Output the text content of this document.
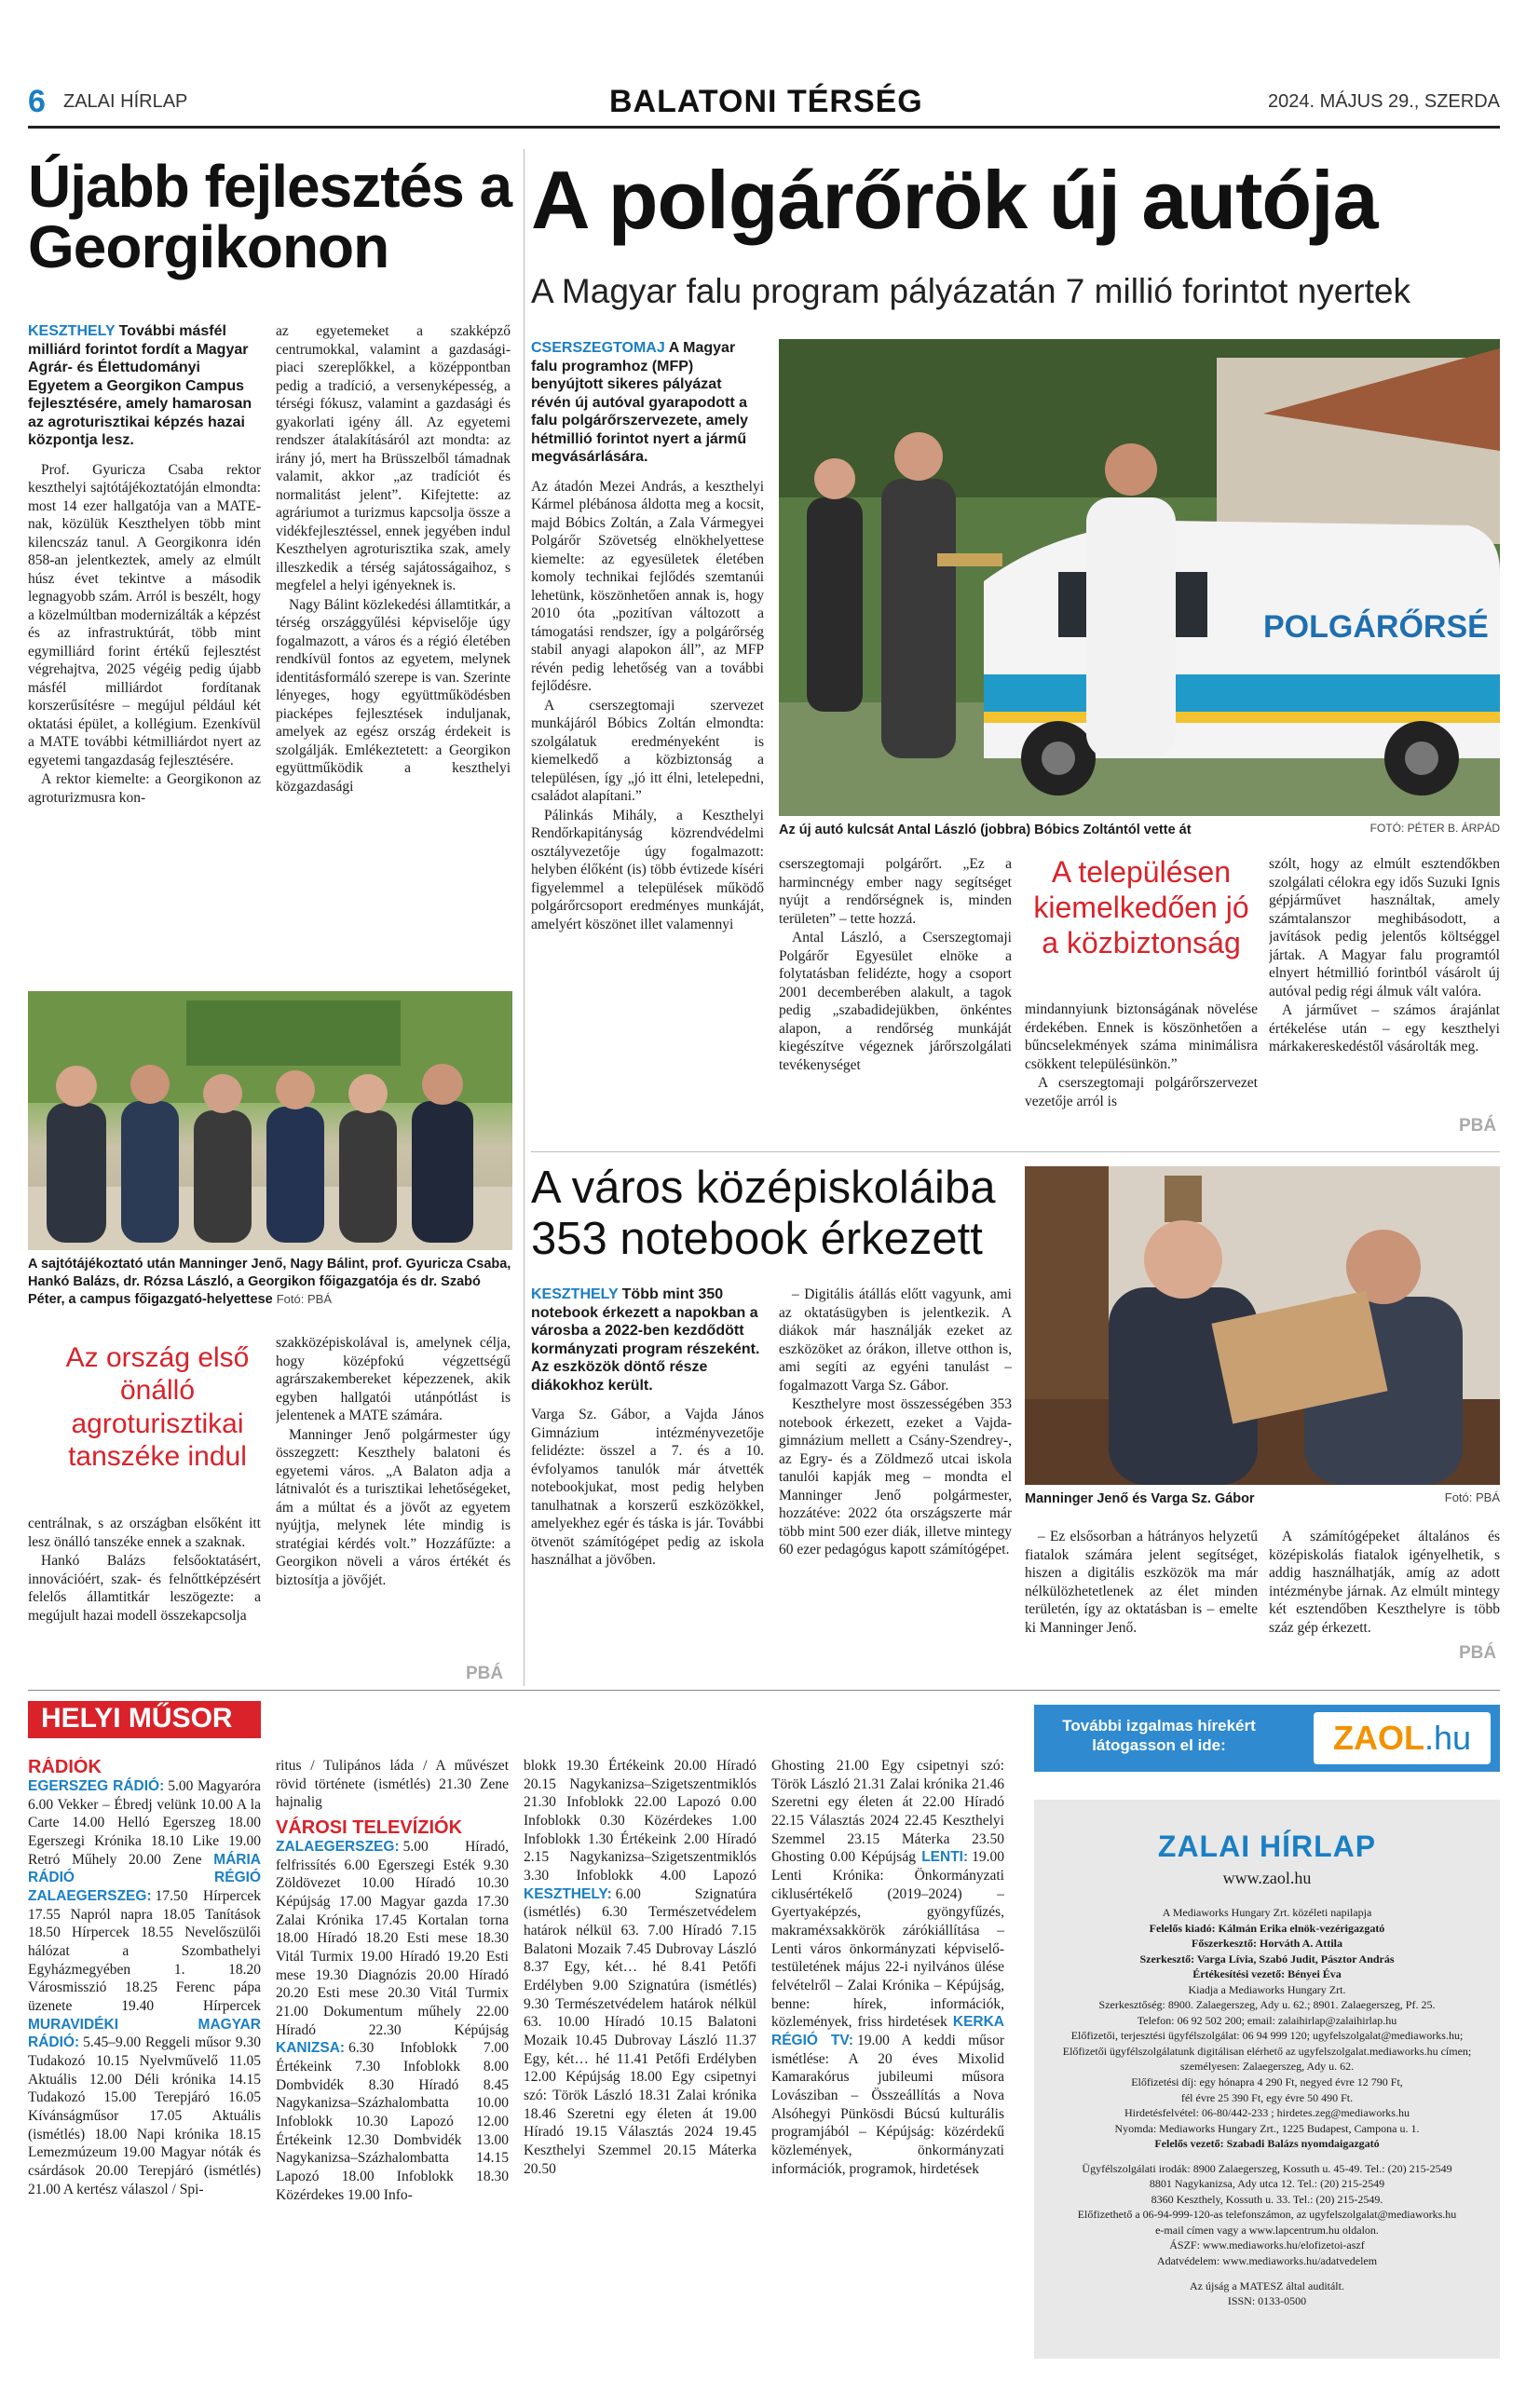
6 ZALAI HÍRLAP	BALATONI TÉRSÉG	2024. MÁJUS 29., SZERDA
Újabb fejlesztés a Georgikonon
KESZTHELY További másfél milliárd forintot fordít a Magyar Agrár- és Élettudományi Egyetem a Georgikon Campus fejlesztésére, amely hamarosan az agroturisztikai képzés hazai központja lesz.

Prof. Gyuricza Csaba rektor keszthelyi sajtótájékoztatóján elmondta: most 14 ezer hallgatója van a MATE-nak, közülük Keszthelyen több mint kilencszáz tanul. A Georgikonra idén 858-an jelentkeztek, amely az elmúlt húsz évet tekintve a második legnagyobb szám. Arról is beszélt, hogy a közelmúltban modernizálták a képzést és az infrastruktúrát, több mint egymilliárd forint értékű fejlesztést végrehajtva, 2025 végéig pedig újabb másfél milliárdot fordítanak korszerűsítésre – megújul például két oktatási épület, a kollégium. Ezenkívül a MATE további kétmilliárdot nyert az egyetemi tangazdaság fejlesztésére.

A rektor kiemelte: a Georgikonon az agroturizmusra kon-

az egyetemeket a szakképző centrumokkal, valamint a gazdasági-piaci szereplőkkel, a középpontban pedig a tradíció, a versenyképesség, a térségi fókusz, valamint a gazdasági és gyakorlati igény áll. Az egyetemi rendszer átalakításáról azt mondta: az irány jó, mert ha Brüsszelből támadnak valamit, akkor „az tradíciót és normalitást jelent”. Kifejtette: az agráriumot a turizmus kapcsolja össze a vidékfejlesztéssel, ennek jegyében indul Keszthelyen agroturisztika szak, amely illeszkedik a térség sajátosságaihoz, s megfelel a helyi igényeknek is.

Nagy Bálint közlekedési államtitkár, a térség országgyűlési képviselője úgy fogalmazott, a város és a régió életében rendkívül fontos az egyetem, melynek identitásformáló szerepe is van. Szerinte lényeges, hogy együttműködésben piacképes fejlesztések induljanak, amelyek az egész ország érdekeit is szolgálják. Emlékeztetett: a Georgikon együttműködik a keszthelyi közgazdasági

A sajtótájékoztató után Manninger Jenő, Nagy Bálint, prof. Gyuricza Csaba, Hankó Balázs, dr. Rózsa László, a Georgikon főigazgatója és dr. Szabó Péter, a campus főigazgató-helyettese Fotó: PBÁ
Az ország első önálló agroturisztikai tanszéke indul

centrálnak, s az országban elsőként itt lesz önálló tanszéke ennek a szaknak.

Hankó Balázs felsőoktatásért, innovációért, szak- és felnőttképzésért felelős államtitkár leszögezte: a megújult hazai modell összekapcsolja

szakközépiskolával is, amelynek célja, hogy középfokú végzettségű agrárszakembereket képezzenek, akik egyben hallgatói utánpótlást is jelentenek a MATE számára.

Manninger Jenő polgármester úgy összegzett: Keszthely balatoni és egyetemi város. „A Balaton adja a látnivalót és a turisztikai lehetőségeket, ám a múltat és a jövőt az egyetem nyújtja, melynek léte mindig is stratégiai kérdés volt.” Hozzáfűzte: a Georgikon növeli a város értékét és biztosítja a jövőjét.

PBÁ
A polgárőrök új autója
A Magyar falu program pályázatán 7 millió forintot nyertek
CSERSZEGTOMAJ A Magyar falu programhoz (MFP) benyújtott sikeres pályázat révén új autóval gyarapodott a falu polgárőrszervezete, amely hétmillió forintot nyert a jármű megvásárlására.

Az átadón Mezei András, a keszthelyi Kármel plébánosa áldotta meg a kocsit, majd Bóbics Zoltán, a Zala Vármegyei Polgárőr Szövetség elnökhelyettese kiemelte: az egyesületek életében komoly technikai fejlődés szemtanúi lehetünk, köszönhetően annak is, hogy 2010 óta „pozitívan változott a támogatási rendszer, így a polgárőrség stabil anyagi alapokon áll”, az MFP révén pedig lehetőség van a további fejlődésre.

A cserszegtomaji szervezet munkájáról Bóbics Zoltán elmondta: szolgálatuk eredményeként is kiemelkedő a közbiztonság a településen, így „jó itt élni, letelepedni, családot alapítani.”

Pálinkás Mihály, a Keszthelyi Rendőrkapitányság közrendvédelmi osztályvezetője úgy fogalmazott: helyben élőként (is) több évtizede kíséri figyelemmel a települések működő polgárőrcsoport eredményes munkáját, amelyért köszönet illet valamennyi

POLGÁRŐRSÉ
Az új autó kulcsát Antal László (jobbra) Bóbics Zoltántól vette át	FOTÓ: PÉTER B. ÁRPÁD

cserszegtomaji polgárőrt. „Ez a harmincnégy ember nagy segítséget nyújt a rendőrségnek is, minden területen” – tette hozzá.

Antal László, a Cserszegtomaji Polgárőr Egyesület elnöke a folytatásban felidézte, hogy a csoport 2001 decemberében alakult, a tagok pedig „szabadidejükben, önkéntes alapon, a rendőrség munkáját kiegészítve végeznek járőrszolgálati tevékenységet

A településen kiemelkedően jó a közbiztonság

mindannyiunk biztonságának növelése érdekében. Ennek is köszönhetően a bűncselekmények száma minimálisra csökkent településünkön.”

A cserszegtomaji polgárőrszervezet vezetője arról is

szólt, hogy az elmúlt esztendőkben szolgálati célokra egy idős Suzuki Ignis gépjárművet használtak, amely számtalanszor meghibásodott, a javítások pedig jelentős költséggel jártak. A Magyar falu programtól elnyert hétmillió forintból vásárolt új autóval pedig régi álmuk vált valóra.

A járművet – számos árajánlat értékelése után – egy keszthelyi márkakereskedéstől vásárolták meg.

PBÁ
A város középiskoláiba 353 notebook érkezett
KESZTHELY Több mint 350 notebook érkezett a napokban a városba a 2022-ben kezdődött kormányzati program részeként. Az eszközök döntő része diákokhoz került.

Varga Sz. Gábor, a Vajda János Gimnázium intézményvezetője felidézte: összel a 7. és a 10. évfolyamos tanulók már átvették notebookjukat, most pedig helyben tanulhatnak a korszerű eszközökkel, amelyekhez egér és táska is jár. További ötvenöt számítógépet pedig az iskola használhat a jövőben.

– Digitális átállás előtt vagyunk, ami az oktatásügyben is jelentkezik. A diákok már használják ezeket az eszközöket az órákon, illetve otthon is, ami segíti az egyéni tanulást – fogalmazott Varga Sz. Gábor.

Keszthelyre most összességében 353 notebook érkezett, ezeket a Vajda-gimnázium mellett a Csány-Szendrey-, az Egry- és a Zöldmező utcai iskola tanulói kapják meg – mondta el Manninger Jenő polgármester, hozzátéve: 2022 óta országszerte már több mint 500 ezer diák, illetve mintegy 60 ezer pedagógus kapott számítógépet.

Manninger Jenő és Varga Sz. Gábor	Fotó: PBÁ

– Ez elsősorban a hátrányos helyzetű fiatalok számára jelent segítséget, hiszen a digitális eszközök ma már nélkülözhetetlenek az élet minden területén, így az oktatásban is – emelte ki Manninger Jenő.

A számítógépeket általános és középiskolás fiatalok igényelhetik, s addig használhatják, amíg az adott intézménybe járnak. Az elmúlt mintegy két esztendőben Keszthelyre is több száz gép érkezett.

PBÁ
HELYI MŰSOR
RÁDIÓK
EGERSZEG RÁDIÓ: 5.00 Magyaróra 6.00 Vekker – Ébredj velünk 10.00 A la Carte 14.00 Helló Egerszeg 18.00 Egerszegi Krónika 18.10 Like 19.00 Retró Műhely 20.00 Zene MÁRIA RÁDIÓ RÉGIÓ ZALAEGERSZEG: 17.50 Hírpercek 17.55 Napról napra 18.05 Tanítások 18.50 Hírpercek 18.55 Nevelőszülői hálózat a Szombathelyi Egyházmegyében 1. 18.20 Városmisszió 18.25 Ferenc pápa üzenete 19.40 Hírpercek MURAVIDÉKI MAGYAR RÁDIÓ: 5.45–9.00 Reggeli műsor 9.30 Tudakozó 10.15 Nyelvművelő 11.05 Aktuális 12.00 Déli krónika 14.15 Tudakozó 15.00 Terepjáró 16.05 Kívánságműsor 17.05 Aktuális (ismétlés) 18.00 Napi krónika 18.15 Lemezmúzeum 19.00 Magyar nóták és csárdások 20.00 Terepjáró (ismétlés) 21.00 A kertész válaszol / Spi-
ritus / Tulipános láda / A művészet rövid története (ismétlés) 21.30 Zene hajnalig
VÁROSI TELEVÍZIÓK
ZALAEGERSZEG: 5.00 Híradó, felfrissítés 6.00 Egerszegi Esték 9.30 Zöldövezet 10.00 Híradó 10.30 Képújság 17.00 Magyar gazda 17.30 Zalai Krónika 17.45 Kortalan torna 18.00 Híradó 18.20 Esti mese 18.30 Vitál Turmix 19.00 Híradó 19.20 Esti mese 19.30 Diagnózis 20.00 Híradó 20.20 Esti mese 20.30 Vitál Turmix 21.00 Dokumentum műhely 22.00 Híradó 22.30 Képújság KANIZSA: 6.30 Infoblokk 7.00 Értékeink 7.30 Infoblokk 8.00 Dombvidék 8.30 Híradó 8.45 Nagykanizsa–Százhalombatta 10.00 Infoblokk 10.30 Lapozó 12.00 Értékeink 12.30 Dombvidék 13.00 Nagykanizsa–Százhalombatta 14.15 Lapozó 18.00 Infoblokk 18.30 Közérdekes 19.00 Info-
blokk 19.30 Értékeink 20.00 Híradó 20.15 Nagykanizsa–Szigetszentmiklós 21.30 Infoblokk 22.00 Lapozó 0.00 Infoblokk 0.30 Közérdekes 1.00 Infoblokk 1.30 Értékeink 2.00 Híradó 2.15 Nagykanizsa–Szigetszentmiklós 3.30 Infoblokk 4.00 Lapozó KESZTHELY: 6.00 Szignatúra (ismétlés) 6.30 Természetvédelem határok nélkül 63. 7.00 Híradó 7.15 Balatoni Mozaik 7.45 Dubrovay László 8.37 Egy, két… hé 8.41 Petőfi Erdélyben 9.00 Szignatúra (ismétlés) 9.30 Természetvédelem határok nélkül 63. 10.00 Híradó 10.15 Balatoni Mozaik 10.45 Dubrovay László 11.37 Egy, két… hé 11.41 Petőfi Erdélyben 12.00 Képújság 18.00 Egy csipetnyi szó: Török László 18.31 Zalai krónika 18.46 Szeretni egy életen át 19.00 Híradó 19.15 Választás 2024 19.45 Keszthelyi Szemmel 20.15 Máterka 20.50
Ghosting 21.00 Egy csipetnyi szó: Török László 21.31 Zalai krónika 21.46 Szeretni egy életen át 22.00 Híradó 22.15 Választás 2024 22.45 Keszthelyi Szemmel 23.15 Máterka 23.50 Ghosting 0.00 Képújság LENTI: 19.00 Lenti Krónika: Önkormányzati ciklusértékelő (2019–2024) – Gyertyaképzés, gyöngyfűzés, makraméxsakkörök zárókiállítása – Lenti város önkormányzati képviselő-testületének május 22-i nyilvános ülése felvételről – Zalai Krónika – Képújság, benne: hírek, információk, közlemények, friss hirdetések KERKA RÉGIÓ TV: 19.00 A keddi műsor ismétlése: A 20 éves Mixolid Kamarakórus jubileumi műsora Lovásziban – Összeállítás a Nova Alsóhegyi Pünkösdi Búcsú kulturális programjából – Képújság: közérdekű közlemények, önkormányzati információk, programok, hirdetések
További izgalmas hírekért
látogasson el ide:	ZAOL.hu
ZALAI HÍRLAP
www.zaol.hu
A Mediaworks Hungary Zrt. közéleti napilapja
Felelős kiadó: Kálmán Erika elnök-vezérigazgató
Főszerkesztő: Horváth A. Attila
Szerkesztő: Varga Lívia, Szabó Judit, Pásztor András
Értékesítési vezető: Bényei Éva
Kiadja a Mediaworks Hungary Zrt.
Szerkesztőség: 8900. Zalaegerszeg, Ady u. 62.; 8901. Zalaegerszeg, Pf. 25.
Telefon: 06 92 502 200; email: zalaihirlap@zalaihirlap.hu
Előfizetői, terjesztési ügyfélszolgálat: 06 94 999 120; ugyfelszolgalat@mediaworks.hu;
Előfizetői ügyfélszolgálatunk digitálisan elérhető az ugyfelszolgalat.mediaworks.hu címen;
személyesen: Zalaegerszeg, Ady u. 62.
Előfizetési díj: egy hónapra 4 290 Ft, negyed évre 12 790 Ft,
fél évre 25 390 Ft, egy évre 50 490 Ft.
Hirdetésfelvétel: 06-80/442-233 ; hirdetes.zeg@mediaworks.hu
Nyomda: Mediaworks Hungary Zrt., 1225 Budapest, Campona u. 1.
Felelős vezető: Szabadi Balázs nyomdaigazgató
Ügyfélszolgálati irodák: 8900 Zalaegerszeg, Kossuth u. 45-49. Tel.: (20) 215-2549
8801 Nagykanizsa, Ady utca 12. Tel.: (20) 215-2549
8360 Keszthely, Kossuth u. 33. Tel.: (20) 215-2549.
Előfizethető a 06-94-999-120-as telefonszámon, az ugyfelszolgalat@mediaworks.hu
e-mail címen vagy a www.lapcentrum.hu oldalon.
ÁSZF: www.mediaworks.hu/elofizetoi-aszf
Adatvédelem: www.mediaworks.hu/adatvedelem
Az újság a MATESZ által auditált.
ISSN: 0133-0500
